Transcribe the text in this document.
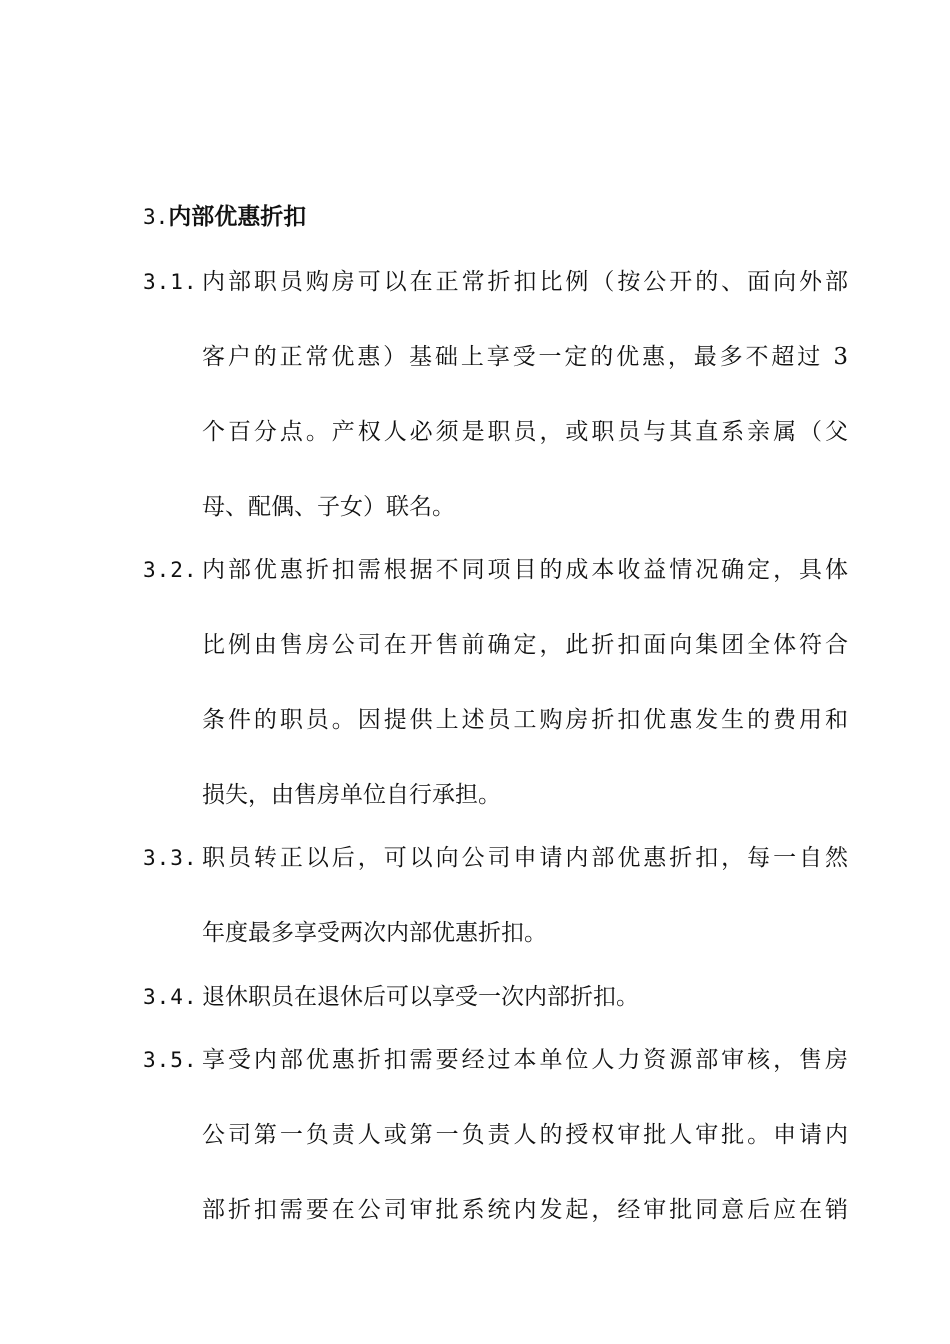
3.内部优惠折扣
3.1. 内部职员购房可以在正常折扣比例（按公开的、面向外部
客户的正常优惠）基础上享受一定的优惠，最多不超过 3
个百分点。产权人必须是职员，或职员与其直系亲属（父
母、配偶、子女）联名。
3.2. 内部优惠折扣需根据不同项目的成本收益情况确定，具体
比例由售房公司在开售前确定，此折扣面向集团全体符合
条件的职员。因提供上述员工购房折扣优惠发生的费用和
损失，由售房单位自行承担。
3.3. 职员转正以后，可以向公司申请内部优惠折扣，每一自然
年度最多享受两次内部优惠折扣。
3.4. 退休职员在退休后可以享受一次内部折扣。
3.5. 享受内部优惠折扣需要经过本单位人力资源部审核，售房
公司第一负责人或第一负责人的授权审批人审批。申请内
部折扣需要在公司审批系统内发起，经审批同意后应在销
